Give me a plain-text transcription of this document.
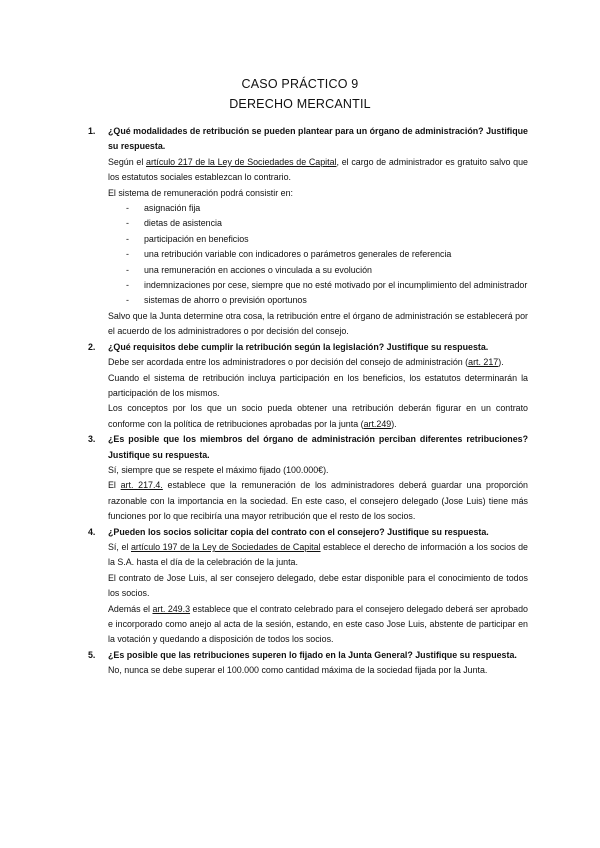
CASO PRÁCTICO 9
DERECHO MERCANTIL
1. ¿Qué modalidades de retribución se pueden plantear para un órgano de administración? Justifique su respuesta.
Según el artículo 217 de la Ley de Sociedades de Capital, el cargo de administrador es gratuito salvo que los estatutos sociales establezcan lo contrario.
El sistema de remuneración podrá consistir en:
- asignación fija
- dietas de asistencia
- participación en beneficios
- una retribución variable con indicadores o parámetros generales de referencia
- una remuneración en acciones o vinculada a su evolución
- indemnizaciones por cese, siempre que no esté motivado por el incumplimiento del administrador
- sistemas de ahorro o previsión oportunos
Salvo que la Junta determine otra cosa, la retribución entre el órgano de administración se establecerá por el acuerdo de los administradores o por decisión del consejo.
2. ¿Qué requisitos debe cumplir la retribución según la legislación? Justifique su respuesta.
Debe ser acordada entre los administradores o por decisión del consejo de administración (art. 217).
Cuando el sistema de retribución incluya participación en los beneficios, los estatutos determinarán la participación de los mismos.
Los conceptos por los que un socio pueda obtener una retribución deberán figurar en un contrato conforme con la política de retribuciones aprobadas por la junta (art.249).
3. ¿Es posible que los miembros del órgano de administración perciban diferentes retribuciones? Justifique su respuesta.
Sí, siempre que se respete el máximo fijado (100.000€).
El art. 217.4. establece que la remuneración de los administradores deberá guardar una proporción razonable con la importancia en la sociedad. En este caso, el consejero delegado (Jose Luis) tiene más funciones por lo que recibiría una mayor retribución que el resto de los socios.
4. ¿Pueden los socios solicitar copia del contrato con el consejero? Justifique su respuesta.
Sí, el artículo 197 de la Ley de Sociedades de Capital establece el derecho de información a los socios de la S.A. hasta el día de la celebración de la junta.
El contrato de Jose Luis, al ser consejero delegado, debe estar disponible para el conocimiento de todos los socios.
Además el art. 249.3 establece que el contrato celebrado para el consejero delegado deberá ser aprobado e incorporado como anejo al acta de la sesión, estando, en este caso Jose Luis, abstente de participar en la votación y quedando a disposición de todos los socios.
5. ¿Es posible que las retribuciones superen lo fijado en la Junta General? Justifique su respuesta.
No, nunca se debe superar el 100.000 como cantidad máxima de la sociedad fijada por la Junta.
